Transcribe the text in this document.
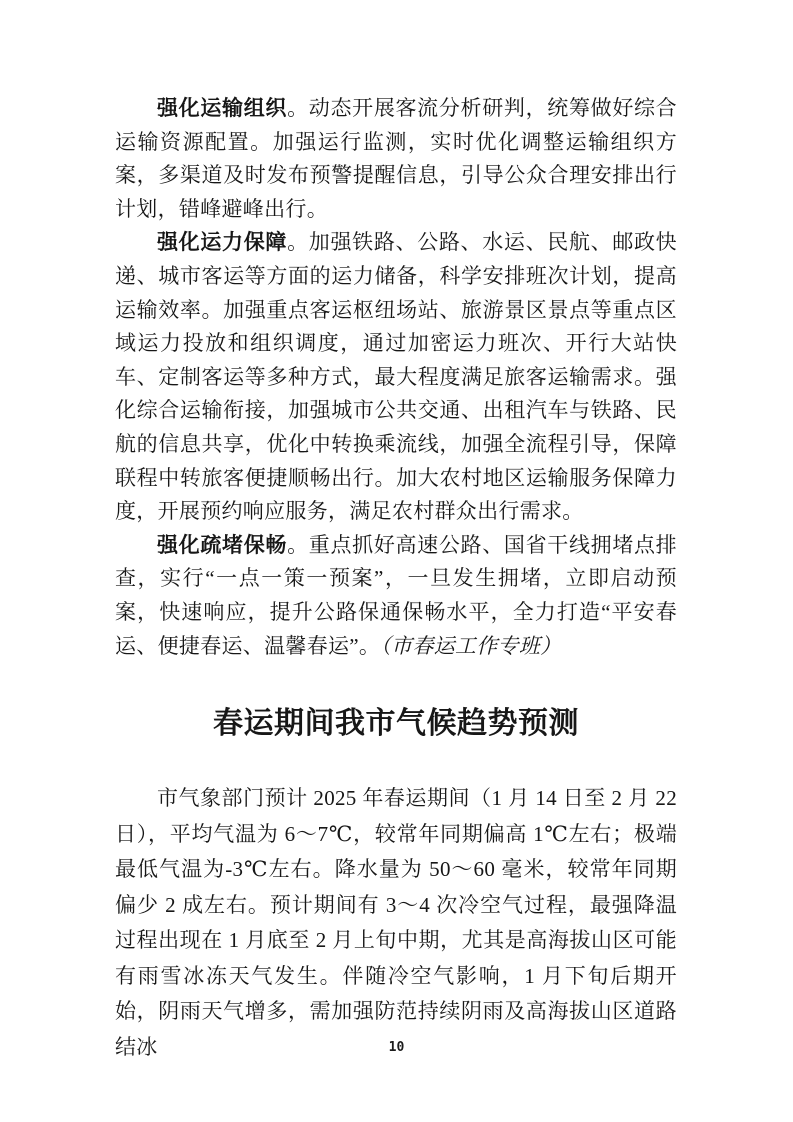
强化运输组织。动态开展客流分析研判，统筹做好综合运输资源配置。加强运行监测，实时优化调整运输组织方案，多渠道及时发布预警提醒信息，引导公众合理安排出行计划，错峰避峰出行。

强化运力保障。加强铁路、公路、水运、民航、邮政快递、城市客运等方面的运力储备，科学安排班次计划，提高运输效率。加强重点客运枢纽场站、旅游景区景点等重点区域运力投放和组织调度，通过加密运力班次、开行大站快车、定制客运等多种方式，最大程度满足旅客运输需求。强化综合运输衔接，加强城市公共交通、出租汽车与铁路、民航的信息共享，优化中转换乘流线，加强全流程引导，保障联程中转旅客便捷顺畅出行。加大农村地区运输服务保障力度，开展预约响应服务，满足农村群众出行需求。

强化疏堵保畅。重点抓好高速公路、国省干线拥堵点排查，实行“一点一策一预案”，一旦发生拥堵，立即启动预案，快速响应，提升公路保通保畅水平，全力打造“平安春运、便捷春运、温馨春运”。（市春运工作专班）

春运期间我市气候趋势预测

市气象部门预计 2025 年春运期间（1 月 14 日至 2 月 22 日），平均气温为 6～7℃，较常年同期偏高 1℃左右；极端最低气温为-3℃左右。降水量为 50～60 毫米，较常年同期偏少 2 成左右。预计期间有 3～4 次冷空气过程，最强降温过程出现在 1 月底至 2 月上旬中期，尤其是高海拔山区可能有雨雪冰冻天气发生。伴随冷空气影响，1 月下旬后期开始，阴雨天气增多，需加强防范持续阴雨及高海拔山区道路结冰	10
